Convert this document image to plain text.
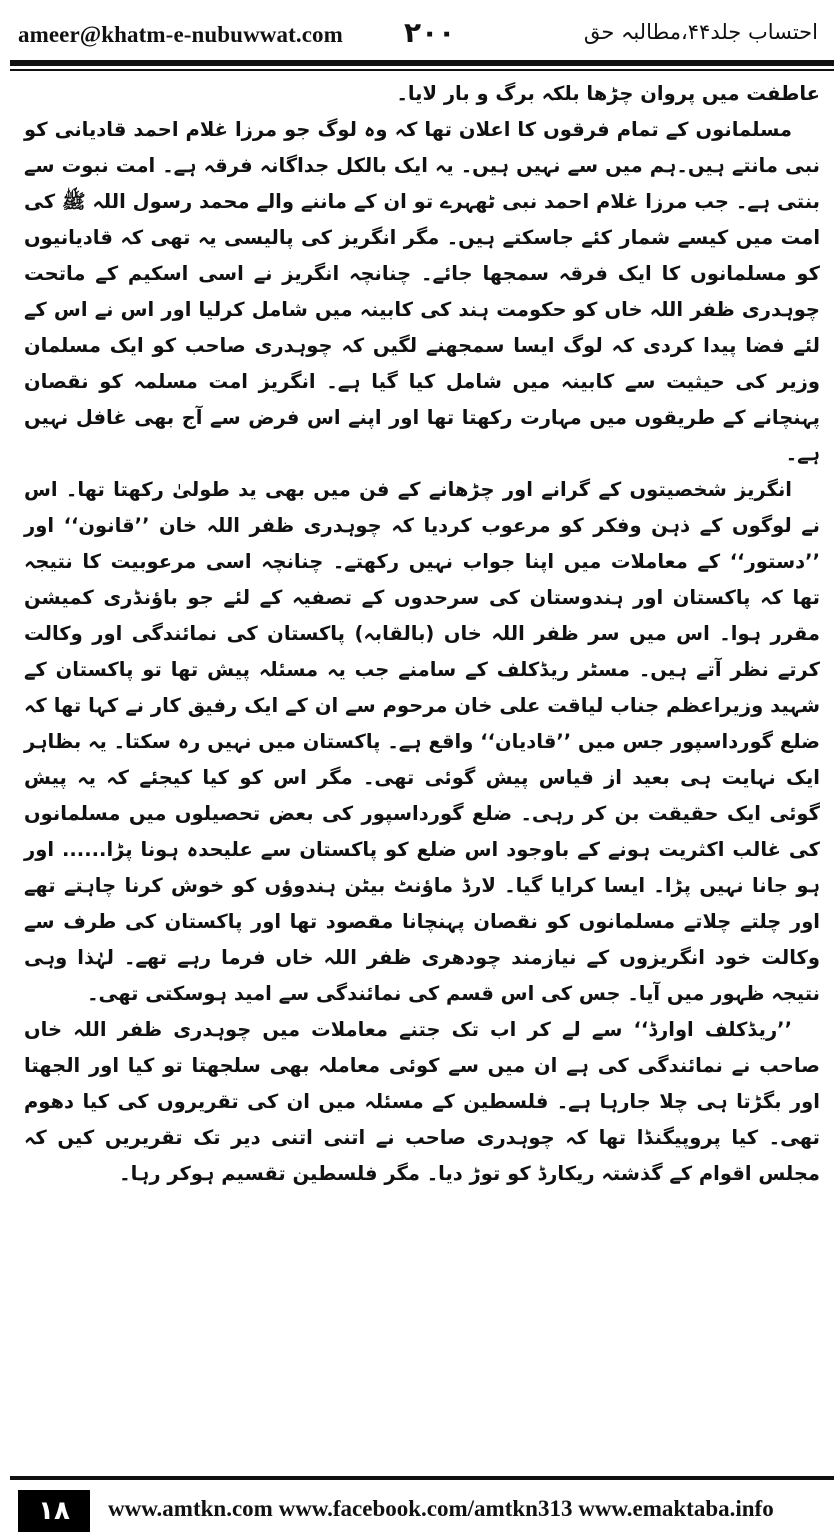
ameer@khatm-e-nubuwwat.com ۲۰۰	احتساب جلد۴۴،مطالبہ حق

عاطفت میں پروان چڑھا بلکہ برگ و بار لایا۔

مسلمانوں کے تمام فرقوں کا اعلان تھا کہ وہ لوگ جو مرزا غلام احمد قادیانی کو نبی مانتے ہیں۔ہم میں سے نہیں ہیں۔ یہ ایک بالکل جداگانہ فرقہ ہے۔ امت نبوت سے بنتی ہے۔ جب مرزا غلام احمد نبی ٹھہرے تو ان کے ماننے والے محمد رسول اللہ ﷺ کی امت میں کیسے شمار کئے جاسکتے ہیں۔ مگر انگریز کی پالیسی یہ تھی کہ قادیانیوں کو مسلمانوں کا ایک فرقہ سمجھا جائے۔ چنانچہ انگریز نے اسی اسکیم کے ماتحت چوہدری ظفر اللہ خاں کو حکومت ہند کی کابینہ میں شامل کرلیا اور اس نے اس کے لئے فضا پیدا کردی کہ لوگ ایسا سمجھنے لگیں کہ چوہدری صاحب کو ایک مسلمان وزیر کی حیثیت سے کابینہ میں شامل کیا گیا ہے۔ انگریز امت مسلمہ کو نقصان پہنچانے کے طریقوں میں مہارت رکھتا تھا اور اپنے اس فرض سے آج بھی غافل نہیں ہے۔

انگریز شخصیتوں کے گرانے اور چڑھانے کے فن میں بھی ید طولیٰ رکھتا تھا۔ اس نے لوگوں کے ذہن وفکر کو مرعوب کردیا کہ چوہدری ظفر اللہ خان ’’قانون‘‘ اور ’’دستور‘‘ کے معاملات میں اپنا جواب نہیں رکھتے۔ چنانچہ اسی مرعوبیت کا نتیجہ تھا کہ پاکستان اور ہندوستان کی سرحدوں کے تصفیہ کے لئے جو باؤنڈری کمیشن مقرر ہوا۔ اس میں سر ظفر اللہ خاں (بالقابہ) پاکستان کی نمائندگی اور وکالت کرتے نظر آتے ہیں۔ مسٹر ریڈکلف کے سامنے جب یہ مسئلہ پیش تھا تو پاکستان کے شہید وزیراعظم جناب لیاقت علی خان مرحوم سے ان کے ایک رفیق کار نے کہا تھا کہ ضلع گورداسپور جس میں ’’قادیان‘‘ واقع ہے۔ پاکستان میں نہیں رہ سکتا۔ یہ بظاہر ایک نہایت ہی بعید از قیاس پیش گوئی تھی۔ مگر اس کو کیا کیجئے کہ یہ پیش گوئی ایک حقیقت بن کر رہی۔ ضلع گورداسپور کی بعض تحصیلوں میں مسلمانوں کی غالب اکثریت ہونے کے باوجود اس ضلع کو پاکستان سے علیحدہ ہونا پڑا...... اور ہو جانا نہیں پڑا۔ ایسا کرایا گیا۔ لارڈ ماؤنٹ بیٹن ہندوؤں کو خوش کرنا چاہتے تھے اور چلتے چلاتے مسلمانوں کو نقصان پہنچانا مقصود تھا اور پاکستان کی طرف سے وکالت خود انگریزوں کے نیازمند چودھری ظفر اللہ خاں فرما رہے تھے۔ لہٰذا وہی نتیجہ ظہور میں آیا۔ جس کی اس قسم کی نمائندگی سے امید ہوسکتی تھی۔

’’ریڈکلف اوارڈ‘‘ سے لے کر اب تک جتنے معاملات میں چوہدری ظفر اللہ خاں صاحب نے نمائندگی کی ہے ان میں سے کوئی معاملہ بھی سلجھتا تو کیا اور الجھتا اور بگڑتا ہی چلا جارہا ہے۔ فلسطین کے مسئلہ میں ان کی تقریروں کی کیا دھوم تھی۔ کیا پروپیگنڈا تھا کہ چوہدری صاحب نے اتنی اتنی دیر تک تقریریں کیں کہ مجلس اقوام کے گذشتہ ریکارڈ کو توڑ دیا۔ مگر فلسطین تقسیم ہوکر رہا۔

۱۸	www.amtkn.com www.facebook.com/amtkn313 www.emaktaba.info
